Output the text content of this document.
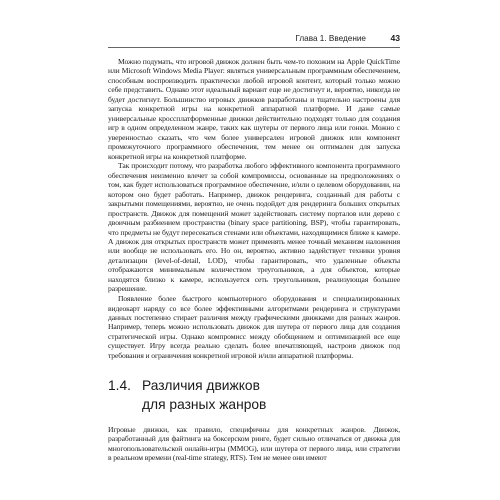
Глава 1. Введение	43

Можно подумать, что игровой движок должен быть чем-то похожим на Apple QuickTime или Microsoft Windows Media Player: являться универсальным программным обеспечением, способным воспроизводить практически любой игровой контент, который только можно себе представить. Однако этот идеальный вариант еще не достигнут и, вероятно, никогда не будет достигнут. Большинство игровых движков разработаны и тщательно настроены для запуска конкретной игры на конкретной аппаратной платформе. И даже самые универсальные кроссплатформенные движки действительно подходят только для создания игр в одном определенном жанре, таких как шутеры от первого лица или гонки. Можно с уверенностью сказать, что чем более универсален игровой движок или компонент промежуточного программного обеспечения, тем менее он оптимален для запуска конкретной игры на конкретной платформе.

Так происходит потому, что разработка любого эффективного компонента программного обеспечения неизменно влечет за собой компромиссы, основанные на предположениях о том, как будет использоваться программное обеспечение, и/или о целевом оборудовании, на котором оно будет работать. Например, движок рендеринга, созданный для работы с закрытыми помещениями, вероятно, не очень подойдет для рендеринга больших открытых пространств. Движок для помещений может задействовать систему порталов или дерево с двоичным разбиением пространства (binary space partitioning, BSP), чтобы гарантировать, что предметы не будут пересекаться стенами или объектами, находящимися ближе к камере. А движок для открытых пространств может применять менее точный механизм наложения или вообще не использовать его. Но он, вероятно, активно задействует техники уровня детализации (level-of-detail, LOD), чтобы гарантировать, что удаленные объекты отображаются минимальным количеством треугольников, а для объектов, которые находятся близко к камере, используется сеть треугольников, реализующая большее разрешение.

Появление более быстрого компьютерного оборудования и специализированных видеокарт наряду со все более эффективными алгоритмами рендеринга и структурами данных постепенно стирает различия между графическими движками для разных жанров. Например, теперь можно использовать движок для шутера от первого лица для создания стратегической игры. Однако компромисс между обобщением и оптимизацией все еще существует. Игру всегда реально сделать более впечатляющей, настроив движок под требования и ограничения конкретной игровой и/или аппаратной платформы.

1.4. Различия движков
для разных жанров

Игровые движки, как правило, специфичны для конкретных жанров. Движок, разработанный для файтинга на боксерском ринге, будет сильно отличаться от движка для многопользовательской онлайн-игры (MMOG), или шутера от первого лица, или стратегии в реальном времени (real-time strategy, RTS). Тем не менее они имеют
